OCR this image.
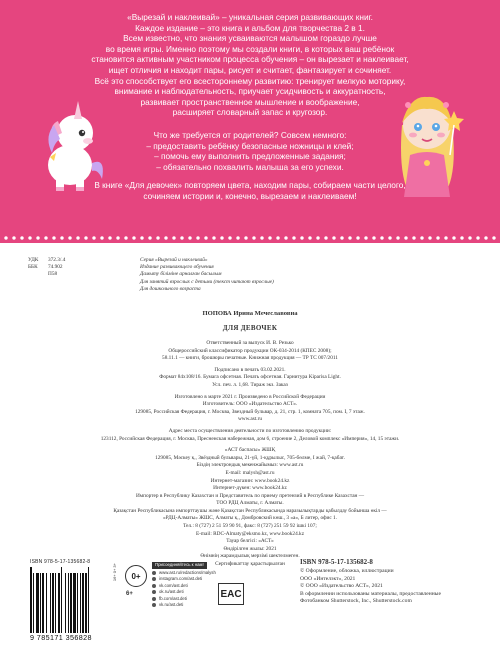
«Вырезай и наклеивай» – уникальная серия развивающих книг.

Каждое издание – это книга и альбом для творчества 2 в 1.

Всем известно, что знания усваиваются малышом гораздо лучше

во время игры. Именно поэтому мы создали книги, в которых ваш ребёнок

становится активным участником процесса обучения – он вырезает и наклеивает,

ищет отличия и находит пары, рисует и считает, фантазирует и сочиняет.

Всё это способствует его всестороннему развитию: тренирует мелкую моторику,

внимание и наблюдательность, приучает усидчивость и аккуратность,

развивает пространственное мышление и воображение,

расширяет словарный запас и кругозор.

Что же требуется от родителей? Совсем немного:

– предоставить ребёнку безопасные ножницы и клей;

– помочь ему выполнить предложенные задания;

– обязательно похвалить малыша за его успехи.

В книге «Для девочек» повторяем цвета, находим пары, собираем части целого,

сочиняем истории и, конечно, вырезаем и наклеиваем!

УДК	372.3/.4
ББК	74.902
П58

Серия «Вырезай и наклеивай»

Издание развивающего обучения

Дамыту бiлiмiне арналған басылым

Для занятий взрослых с детьми (текст читают взрослые)

Для дошкольного возраста

ПОПОВА Ирина Мечеславовна
ДЛЯ ДЕВОЧЕК

Ответственный за выпуск И. В. Резько

Общероссийский классификатор продукции ОК-034-2014 (КПЕС 2008);

58.11.1 — книги, брошюры печатные. Книжная продукция — ТР ТС 007/2011

Подписано в печать 03.02.2021.

Формат 84x108/16. Бумага офсетная. Печать офсетная. Гарнитура Kiparisa Light.

Усл. печ. л. 1,68. Тираж экз. Заказ

Изготовлено в марте 2021 г. Произведено в Российской Федерации

Изготовитель: ООО «Издательство АСТ».

129085, Российская Федерация, г. Москва, Звездный бульвар, д. 21, стр. 1, комната 705, пом. I, 7 этаж.

www.ast.ru

Адрес места осуществления деятельности по изготовлению продукции:

123112, Российская Федерация, г. Москва, Пресненская набережная, дом 6, строение 2, Деловой комплекс «Империя», 14, 15 этажи.

«АСТ баспасы» ЖШҚ

129085, Мәскеу қ., Звёздный бульвары, 21-үй, 1-құрылыс, 705-бөлме, I жай, 7-қабат.

Біздің электрондық мекенжайымыз: www.ast.ru

E-mail: malysh@ast.ru

Интернет-магазин: www.book24.kz

Интернет-дүкен: www.book24.kz

Импортер в Республику Казахстан и Представитель по приему претензий в Республике Казахстан —

ТОО РДЦ Алматы, г. Алматы.

Қазақстан Республикасына импорттаушы және Қазақстан Республикасында наразылықтарды қабылдау бойынша өкіл —

«РДЦ-Алматы» ЖШС, Алматы қ., Домбровский көш., 3 «а», Б литер, офис 1.

Тел.: 8 (727) 2 51 59 90 91, факс: 8 (727) 251 59 92 ішкі 107;

E-mail: RDC-Almaty@eksmo.kz, www.book24.kz

Тауар белгісі: «АСТ»

Өндірілген жылы: 2021

Өнімнің жарамдылық мерзімі шектелмеген.

Сертификаттау қарастырылған

ISBN 978-5-17-135682-8
9 785171 356828
16+ 0+ 3+	0+
6+
Присоединяйтесь к нам!
www.ast.ru/redactions/malysh
instagram.com/ast.deti
vk.com/ast.deti
ok.ru/ast.deti
fb.com/ast.deti
vk.ru/ast.deti
EAC
ISBN 978-5-17-135682-8
© Оформление, обложка, иллюстрации
ООО «Интелэкт», 2021
© ООО «Издательство АСТ», 2021
В оформлении использованы материалы, предоставленные
Фотобанком Shutterstock, Inc., Shutterstock.com
